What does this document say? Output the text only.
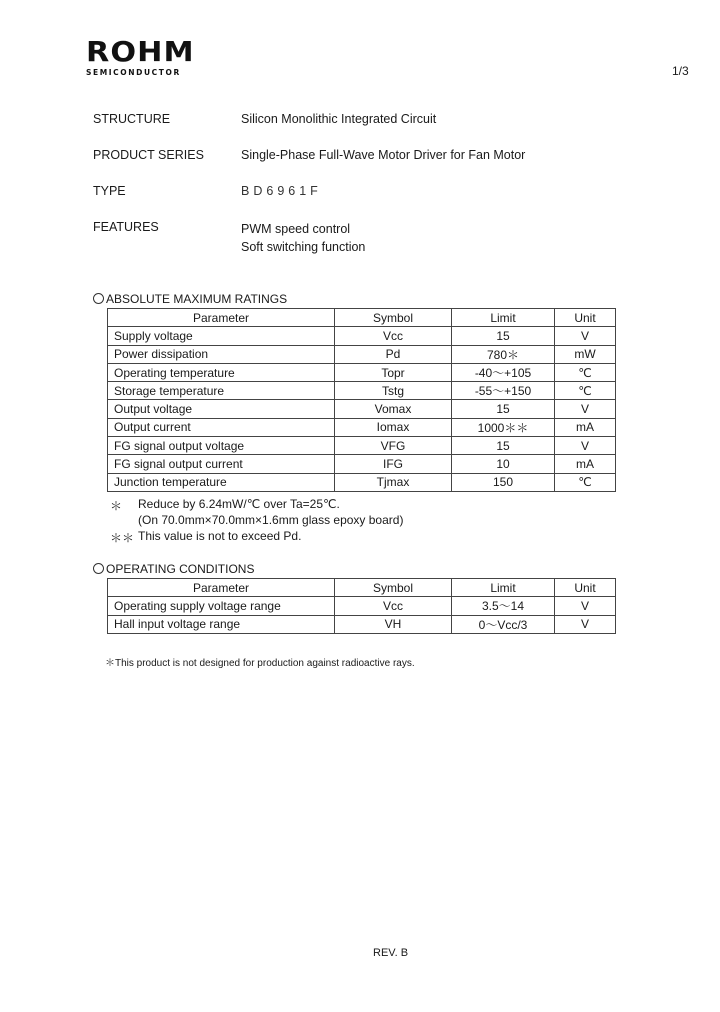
ROHM
SEMICONDUCTOR	1/3
STRUCTURE	Silicon Monolithic Integrated Circuit
PRODUCT SERIES	Single-Phase Full-Wave Motor Driver for Fan Motor
TYPE	BD6961F
FEATURES	PWM speed control
Soft switching function
ABSOLUTE MAXIMUM RATINGS
Parameter	Symbol	Limit	Unit
Supply voltage	Vcc	15	V
Power dissipation	Pd	780＊	mW
Operating temperature	Topr	-40～+105	℃
Storage temperature	Tstg	-55～+150	℃
Output voltage	Vomax	15	V
Output current	Iomax	1000＊＊	mA
FG signal output voltage	VFG	15	V
FG signal output current	IFG	10	mA
Junction temperature	Tjmax	150	℃
＊ Reduce by 6.24mW/℃ over Ta=25℃.
(On 70.0mm×70.0mm×1.6mm glass epoxy board)
＊＊ This value is not to exceed Pd.
OPERATING CONDITIONS
Parameter	Symbol	Limit	Unit
Operating supply voltage range	Vcc	3.5～14	V
Hall input voltage range	VH	0～Vcc/3	V
＊This product is not designed for production against radioactive rays.
REV. B
